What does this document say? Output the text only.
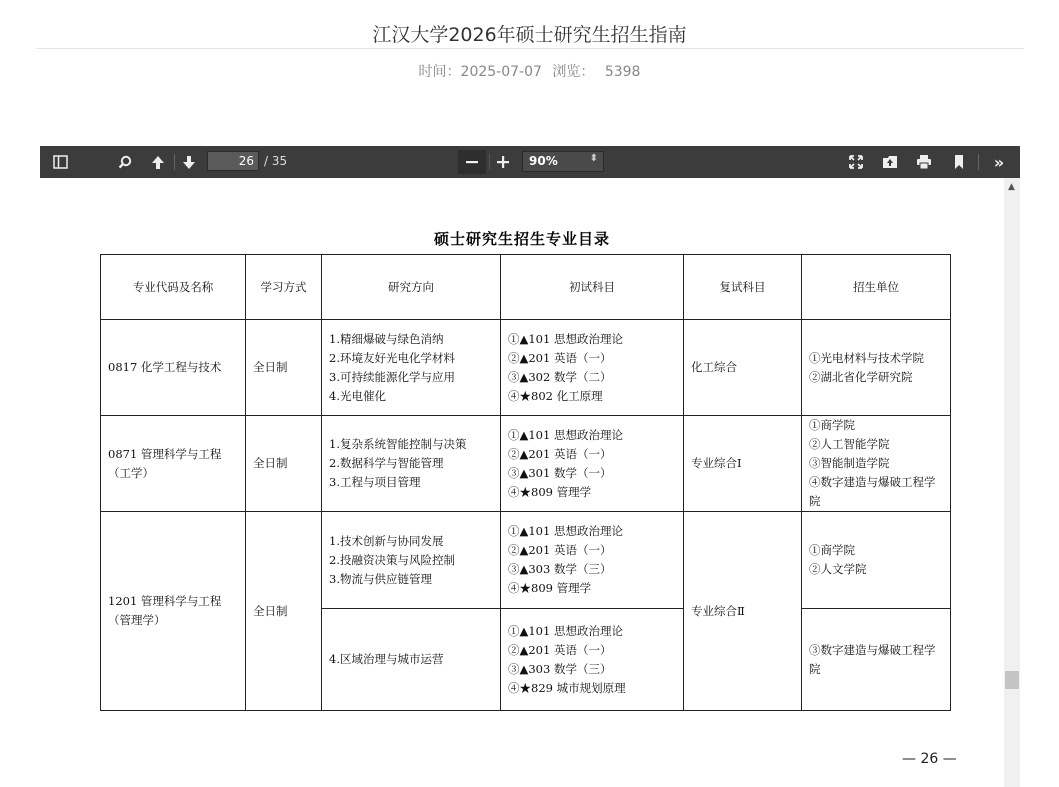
江汉大学2026年硕士研究生招生指南
时间：2025-07-07 浏览： 5398
26
/ 35	90%	⬍	»
硕士研究生招生专业目录
专业代码及名称	学习方式	研究方向	初试科目	复试科目	招生单位
0817 化学工程与技术	全日制	1.精细爆破与绿色消纳
2.环境友好光电化学材料
3.可持续能源化学与应用
4.光电催化	①▲101 思想政治理论
②▲201 英语（一）
③▲302 数学（二）
④★802 化工原理	化工综合	①光电材料与技术学院
②湖北省化学研究院

0871 管理科学与工程（工学）	全日制	1.复杂系统智能控制与决策
2.数据科学与智能管理
3.工程与项目管理	①▲101 思想政治理论
②▲201 英语（一）
③▲301 数学（一）
④★809 管理学	专业综合Ⅰ	①商学院
②人工智能学院
③智能制造学院
④数字建造与爆破工程学院

1201 管理科学与工程（管理学）	全日制	1.技术创新与协同发展
2.投融资决策与风险控制
3.物流与供应链管理	①▲101 思想政治理论
②▲201 英语（一）
③▲303 数学（三）
④★809 管理学	专业综合Ⅱ	①商学院
②人文学院

		4.区域治理与城市运营	①▲101 思想政治理论
②▲201 英语（一）
③▲303 数学（三）
④★829 城市规划原理		③数字建造与爆破工程学院
— 26 —
▲
